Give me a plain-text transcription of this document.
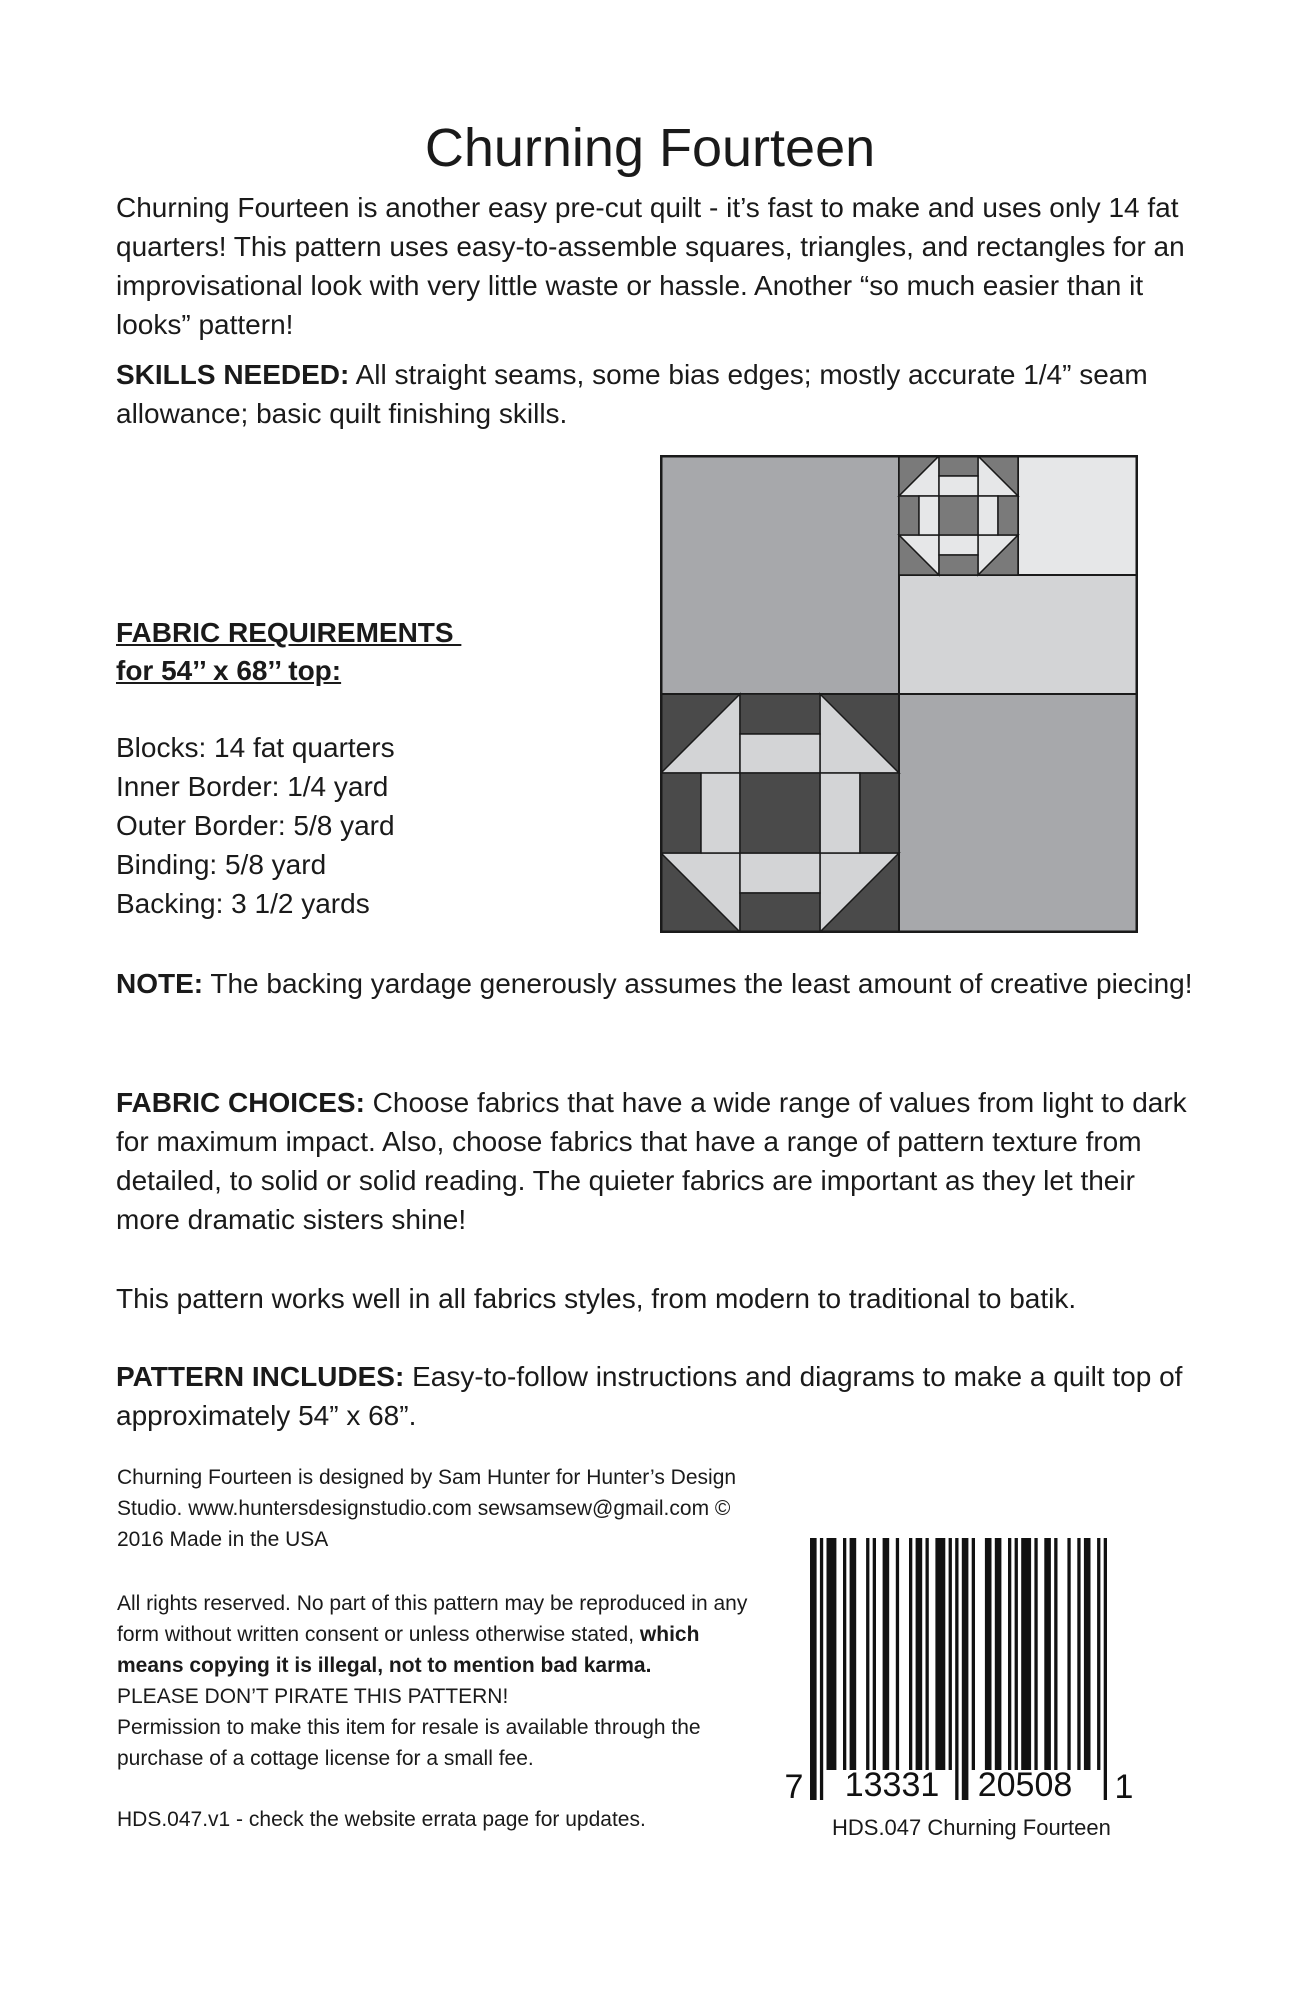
Churning Fourteen
Churning Fourteen is another easy pre-cut quilt - it’s fast to make and uses only 14 fat quarters! This pattern uses easy-to-assemble squares, triangles, and rectangles for an improvisational look with very little waste or hassle. Another “so much easier than it looks” pattern!
SKILLS NEEDED: All straight seams, some bias edges; mostly accurate 1/4” seam allowance; basic quilt finishing skills.
FABRIC REQUIREMENTS
for 54’’ x 68’’ top:
Blocks: 14 fat quarters
Inner Border: 1/4 yard
Outer Border: 5/8 yard
Binding: 5/8 yard
Backing: 3 1/2 yards
NOTE: The backing yardage generously assumes the least amount of creative piecing!
FABRIC CHOICES: Choose fabrics that have a wide range of values from light to dark for maximum impact. Also, choose fabrics that have a range of pattern texture from detailed, to solid or solid reading. The quieter fabrics are important as they let their more dramatic sisters shine!
This pattern works well in all fabrics styles, from modern to traditional to batik.
PATTERN INCLUDES: Easy-to-follow instructions and diagrams to make a quilt top of approximately 54” x 68”.
Churning Fourteen is designed by Sam Hunter for Hunter’s Design Studio. www.huntersdesignstudio.com sewsamsew@gmail.com © 2016 Made in the USA
All rights reserved. No part of this pattern may be reproduced in any form without written consent or unless otherwise stated, which means copying it is illegal, not to mention bad karma.
PLEASE DON’T PIRATE THIS PATTERN!
Permission to make this item for resale is available through the purchase of a cottage license for a small fee.
HDS.047.v1 - check the website errata page for updates.
7 13331 20508 1
HDS.047 Churning Fourteen
